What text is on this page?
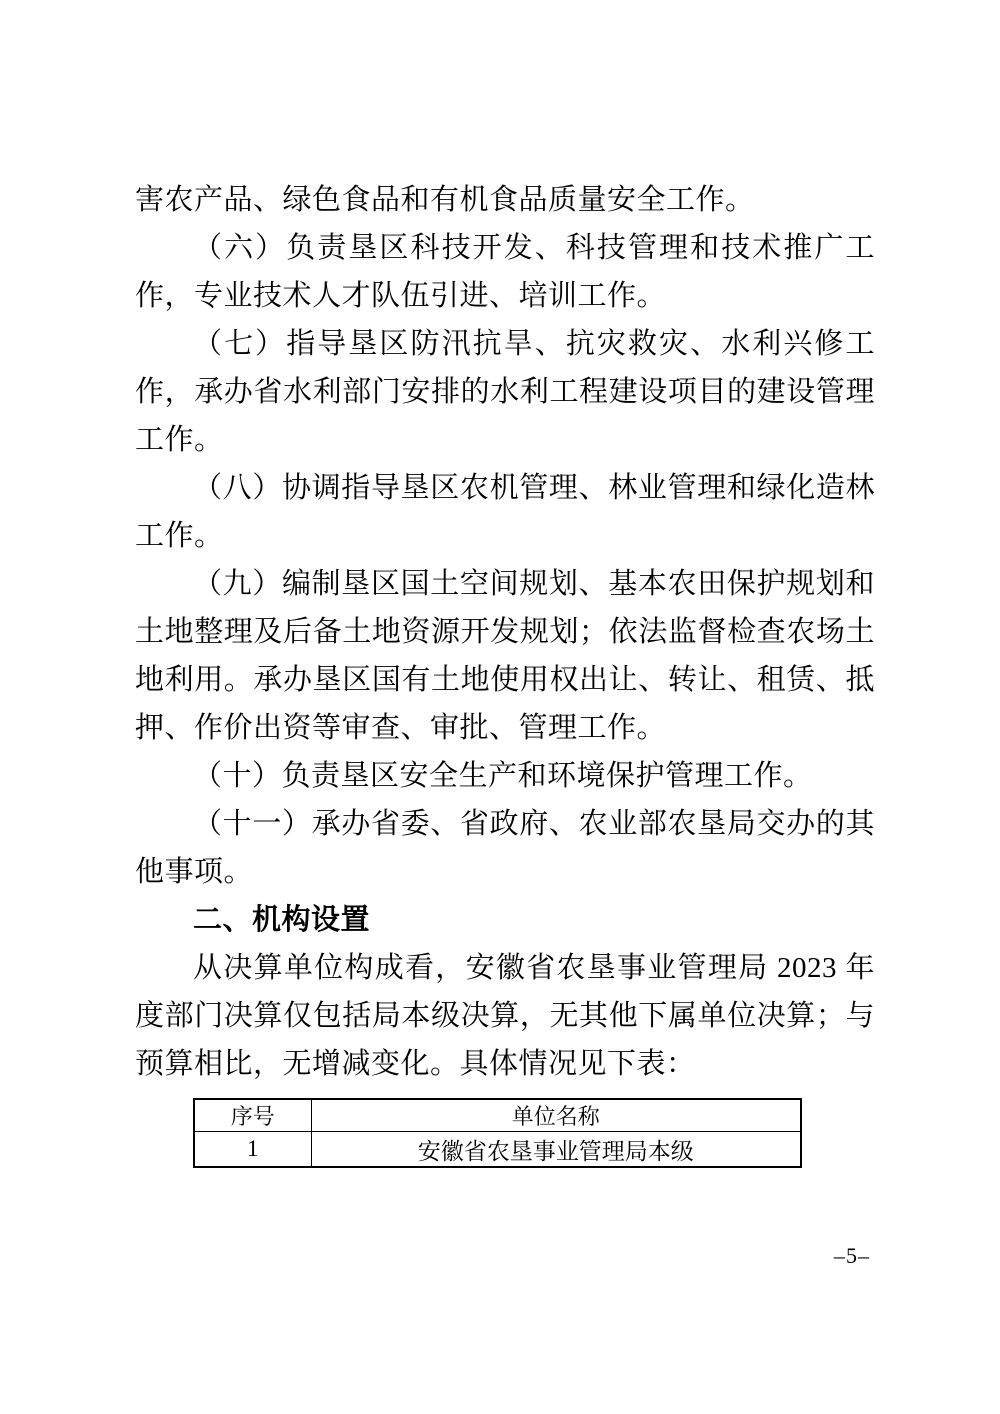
害农产品、绿色食品和有机食品质量安全工作。

（六）负责垦区科技开发、科技管理和技术推广工作，专业技术人才队伍引进、培训工作。

（七）指导垦区防汛抗旱、抗灾救灾、水利兴修工作，承办省水利部门安排的水利工程建设项目的建设管理工作。

（八）协调指导垦区农机管理、林业管理和绿化造林工作。

（九）编制垦区国土空间规划、基本农田保护规划和土地整理及后备土地资源开发规划；依法监督检查农场土地利用。承办垦区国有土地使用权出让、转让、租赁、抵押、作价出资等审查、审批、管理工作。

（十）负责垦区安全生产和环境保护管理工作。

（十一）承办省委、省政府、农业部农垦局交办的其他事项。

二、机构设置

从决算单位构成看，安徽省农垦事业管理局 2023 年度部门决算仅包括局本级决算，无其他下属单位决算；与预算相比，无增减变化。具体情况见下表：

序号	单位名称
1	安徽省农垦事业管理局本级
–5–
